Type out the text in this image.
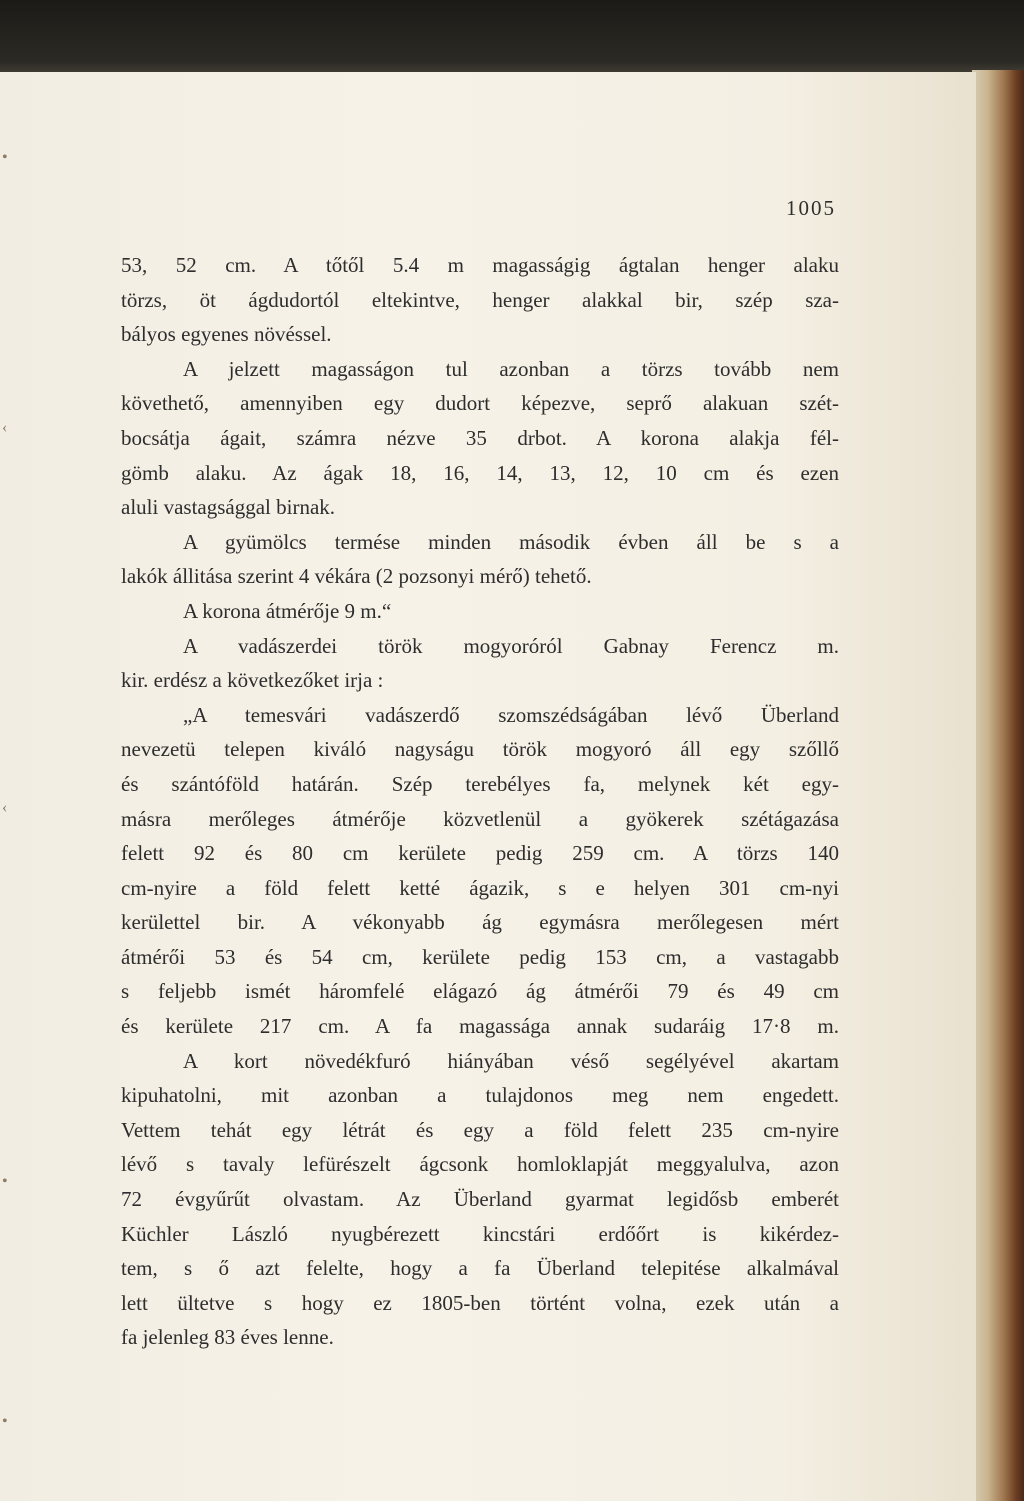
•
‹
‹
•
•
1005
53, 52 cm. A tőtől 5.4 m magasságig ágtalan henger alaku
törzs, öt ágdudortól eltekintve, henger alakkal bir, szép sza-
bályos egyenes növéssel.
A jelzett magasságon tul azonban a törzs tovább nem
követhető, amennyiben egy dudort képezve, seprő alakuan szét-
bocsátja ágait, számra nézve 35 drbot. A korona alakja fél-
gömb alaku. Az ágak 18, 16, 14, 13, 12, 10 cm és ezen
aluli vastagsággal birnak.
A gyümölcs termése minden második évben áll be s a
lakók állitása szerint 4 vékára (2 pozsonyi mérő) tehető.
A korona átmérője 9 m.“
A vadászerdei török mogyoróról Gabnay Ferencz m.
kir. erdész a következőket irja :
„A temesvári vadászerdő szomszédságában lévő Überland
nevezetü telepen kiváló nagyságu török mogyoró áll egy szőllő
és szántóföld határán. Szép terebélyes fa, melynek két egy-
másra merőleges átmérője közvetlenül a gyökerek szétágazása
felett 92 és 80 cm kerülete pedig 259 cm. A törzs 140
cm-nyire a föld felett ketté ágazik, s e helyen 301 cm-nyi
kerülettel bir. A vékonyabb ág egymásra merőlegesen mért
átmérői 53 és 54 cm, kerülete pedig 153 cm, a vastagabb
s feljebb ismét háromfelé elágazó ág átmérői 79 és 49 cm
és kerülete 217 cm. A fa magassága annak sudaráig 17·8 m.
A kort növedékfuró hiányában véső segélyével akartam
kipuhatolni, mit azonban a tulajdonos meg nem engedett.
Vettem tehát egy létrát és egy a föld felett 235 cm-nyire
lévő s tavaly lefürészelt ágcsonk homloklapját meggyalulva, azon
72 évgyűrűt olvastam. Az Überland gyarmat legidősb emberét
Küchler László nyugbérezett kincstári erdőőrt is kikérdez-
tem, s ő azt felelte, hogy a fa Überland telepitése alkalmával
lett ültetve s hogy ez 1805-ben történt volna, ezek után a
fa jelenleg 83 éves lenne.
